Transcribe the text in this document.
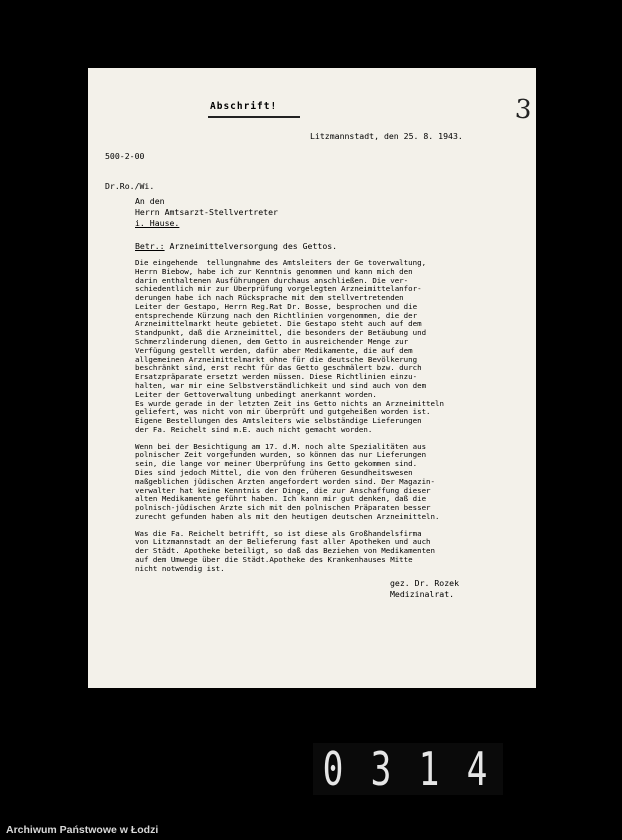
3
Abschrift!

500-2-00

Dr.Ro./Wi.

Litzmannstadt, den 25. 8. 1943.
An den
Herrn Amtsarzt-Stellvertreter
i. Hause.
Betr.: Arzneimittelversorgung des Gettos.
Die eingehende  tellungnahme des Amtsleiters der Ge toverwaltung,
Herrn Biebow, habe ich zur Kenntnis genommen und kann mich den
darin enthaltenen Ausführungen durchaus anschließen. Die ver-
schiedentlich mir zur Überprüfung vorgelegten Arzneimittelanfor-
derungen habe ich nach Rücksprache mit dem stellvertretenden
Leiter der Gestapo, Herrn Reg.Rat Dr. Bosse, besprochen und die
entsprechende Kürzung nach den Richtlinien vorgenommen, die der
Arzneimittelmarkt heute gebietet. Die Gestapo steht auch auf dem
Standpunkt, daß die Arzneimittel, die besonders der Betäubung und
Schmerzlinderung dienen, dem Getto in ausreichender Menge zur
Verfügung gestellt werden, dafür aber Medikamente, die auf dem
allgemeinen Arzneimittelmarkt ohne für die deutsche Bevölkerung
beschränkt sind, erst recht für das Getto geschmälert bzw. durch
Ersatzpräparate ersetzt werden müssen. Diese Richtlinien einzu-
halten, war mir eine Selbstverständlichkeit und sind auch von dem
Leiter der Gettoverwaltung unbedingt anerkannt worden.
Es wurde gerade in der letzten Zeit ins Getto nichts an Arzneimitteln
geliefert, was nicht von mir überprüft und gutgeheißen worden ist.
Eigene Bestellungen des Amtsleiters wie selbständige Lieferungen
der Fa. Reichelt sind m.E. auch nicht gemacht worden.
Wenn bei der Besichtigung am 17. d.M. noch alte Spezialitäten aus
polnischer Zeit vorgefunden wurden, so können das nur Lieferungen
sein, die lange vor meiner Überprüfung ins Getto gekommen sind.
Dies sind jedoch Mittel, die von den früheren Gesundheitswesen
maßgeblichen jüdischen Ärzten angefordert worden sind. Der Magazin-
verwalter hat keine Kenntnis der Dinge, die zur Anschaffung dieser
alten Medikamente geführt haben. Ich kann mir gut denken, daß die
polnisch-jüdischen Ärzte sich mit den polnischen Präparaten besser
zurecht gefunden haben als mit den heutigen deutschen Arzneimitteln.
Was die Fa. Reichelt betrifft, so ist diese als Großhandelsfirma
von Litzmannstadt an der Belieferung fast aller Apotheken und auch
der Städt. Apotheke beteiligt, so daß das Beziehen von Medikamenten
auf dem Umwege über die Städt.Apotheke des Krankenhauses Mitte
nicht notwendig ist.
gez. Dr. Rozek
Medizinalrat.
0 3 1 4
Archiwum Państwowe w Łodzi
